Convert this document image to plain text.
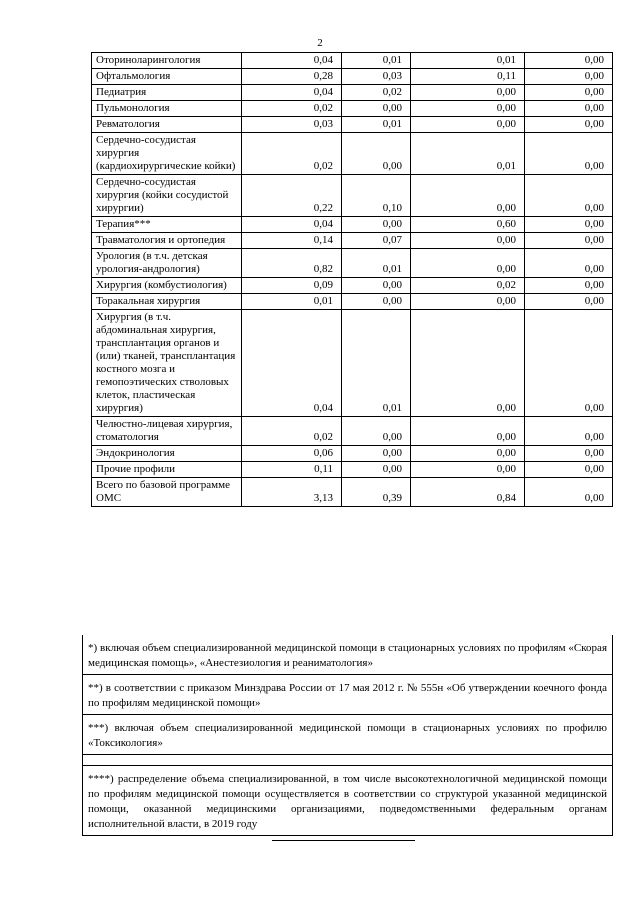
2
Оториноларингология	0,04	0,01	0,01	0,00
Офтальмология	0,28	0,03	0,11	0,00
Педиатрия	0,04	0,02	0,00	0,00
Пульмонология	0,02	0,00	0,00	0,00
Ревматология	0,03	0,01	0,00	0,00
Сердечно-сосудистая хирургия (кардиохирургические койки)	0,02	0,00	0,01	0,00
Сердечно-сосудистая хирургия (койки сосудистой хирургии)	0,22	0,10	0,00	0,00
Терапия***	0,04	0,00	0,60	0,00
Травматология и ортопедия	0,14	0,07	0,00	0,00
Урология (в т.ч. детская урология-андрология)	0,82	0,01	0,00	0,00
Хирургия (комбустиология)	0,09	0,00	0,02	0,00
Торакальная хирургия	0,01	0,00	0,00	0,00
Хирургия (в т.ч. абдоминальная хирургия, трансплантация органов и (или) тканей, трансплантация костного мозга и гемопоэтических стволовых клеток, пластическая хирургия)	0,04	0,01	0,00	0,00
Челюстно-лицевая хирургия, стоматология	0,02	0,00	0,00	0,00
Эндокринология	0,06	0,00	0,00	0,00
Прочие профили	0,11	0,00	0,00	0,00
Всего по базовой программе ОМС	3,13	0,39	0,84	0,00
*) включая объем специализированной медицинской помощи в стационарных условиях по профилям «Скорая медицинская помощь», «Анестезиология и реаниматология»
**) в соответствии с приказом Минздрава России от 17 мая 2012 г. № 555н «Об утверждении коечного фонда по профилям медицинской помощи»
***) включая объем специализированной медицинской помощи в стационарных условиях по профилю «Токсикология»
****) распределение объема специализированной, в том числе высокотехнологичной медицинской помощи по профилям медицинской помощи осуществляется в соответствии со структурой указанной медицинской помощи, оказанной медицинскими организациями, подведомственными федеральным органам исполнительной власти, в 2019 году
